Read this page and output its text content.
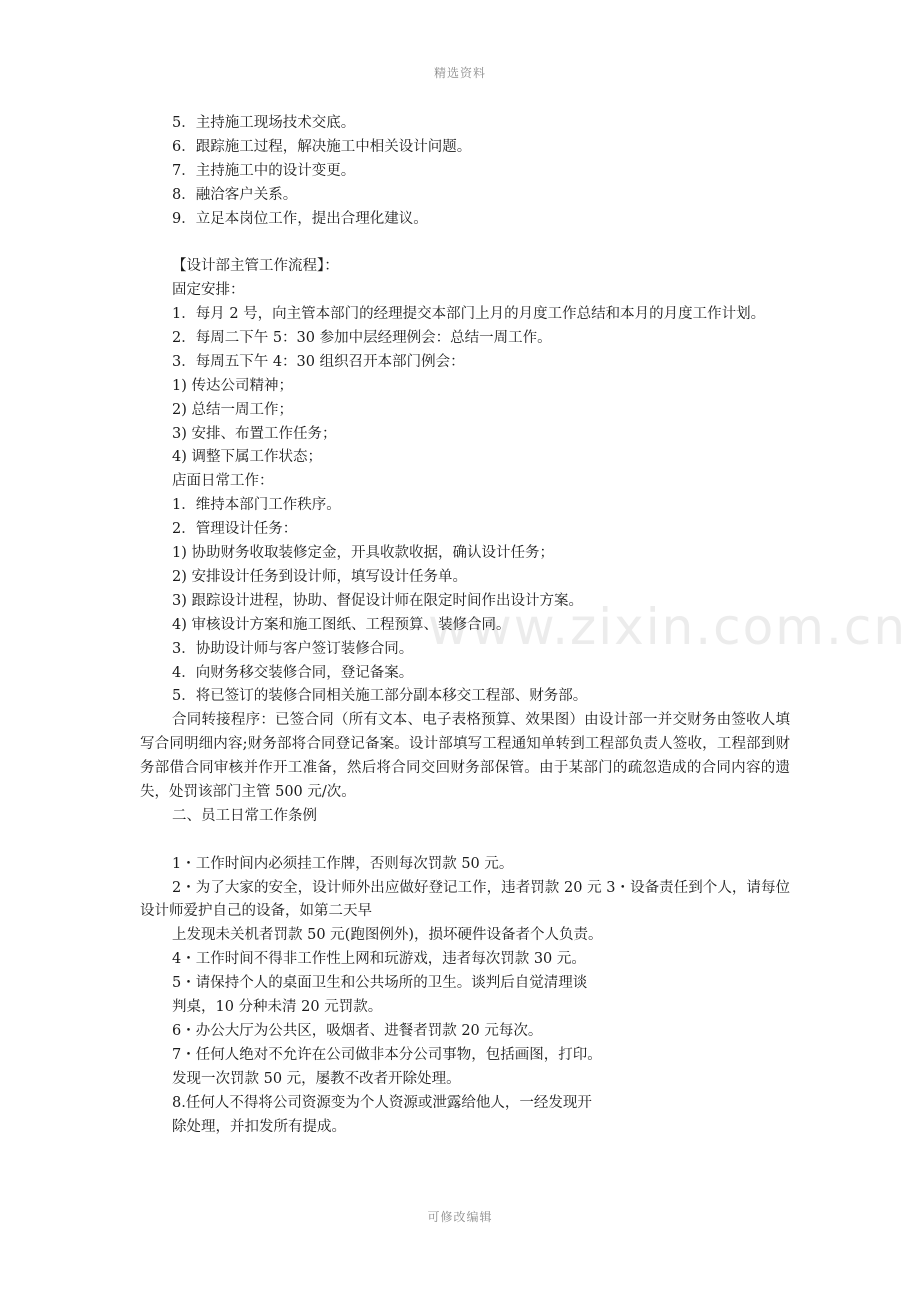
精选资料
www.zixin.com.cn
5．主持施工现场技术交底。
6．跟踪施工过程，解决施工中相关设计问题。
7．主持施工中的设计变更。
8．融洽客户关系。
9．立足本岗位工作，提出合理化建议。
【设计部主管工作流程】：
固定安排：
1．每月 2 号，向主管本部门的经理提交本部门上月的月度工作总结和本月的月度工作计划。
2．每周二下午 5：30 参加中层经理例会：总结一周工作。
3．每周五下午 4：30 组织召开本部门例会：
1) 传达公司精神；
2) 总结一周工作；
3) 安排、布置工作任务；
4) 调整下属工作状态；
店面日常工作：
1．维持本部门工作秩序。
2．管理设计任务：
1) 协助财务收取装修定金，开具收款收据，确认设计任务；
2) 安排设计任务到设计师，填写设计任务单。
3) 跟踪设计进程，协助、督促设计师在限定时间作出设计方案。
4) 审核设计方案和施工图纸、工程预算、装修合同。
3．协助设计师与客户签订装修合同。
4．向财务移交装修合同，登记备案。
5．将已签订的装修合同相关施工部分副本移交工程部、财务部。
合同转接程序：已签合同（所有文本、电子表格预算、效果图）由设计部一并交财务由签收人填写合同明细内容;财务部将合同登记备案。设计部填写工程通知单转到工程部负责人签收，工程部到财务部借合同审核并作开工准备，然后将合同交回财务部保管。由于某部门的疏忽造成的合同内容的遗失，处罚该部门主管 500 元/次。
二、员工日常工作条例
1・工作时间内必须挂工作牌，否则每次罚款 50 元。
2・为了大家的安全，设计师外出应做好登记工作，违者罚款 20 元 3・设备责任到个人，请每位设计师爱护自己的设备，如第二天早
上发现未关机者罚款 50 元(跑图例外)，损坏硬件设备者个人负责。
4・工作时间不得非工作性上网和玩游戏，违者每次罚款 30 元。
5・请保持个人的桌面卫生和公共场所的卫生。谈判后自觉清理谈
判桌，10 分种未清 20 元罚款。
6・办公大厅为公共区，吸烟者、进餐者罚款 20 元每次。
7・任何人绝对不允许在公司做非本分公司事物，包括画图，打印。
发现一次罚款 50 元，屡教不改者开除处理。
8.任何人不得将公司资源变为个人资源或泄露给他人，一经发现开
除处理，并扣发所有提成。
可修改编辑
